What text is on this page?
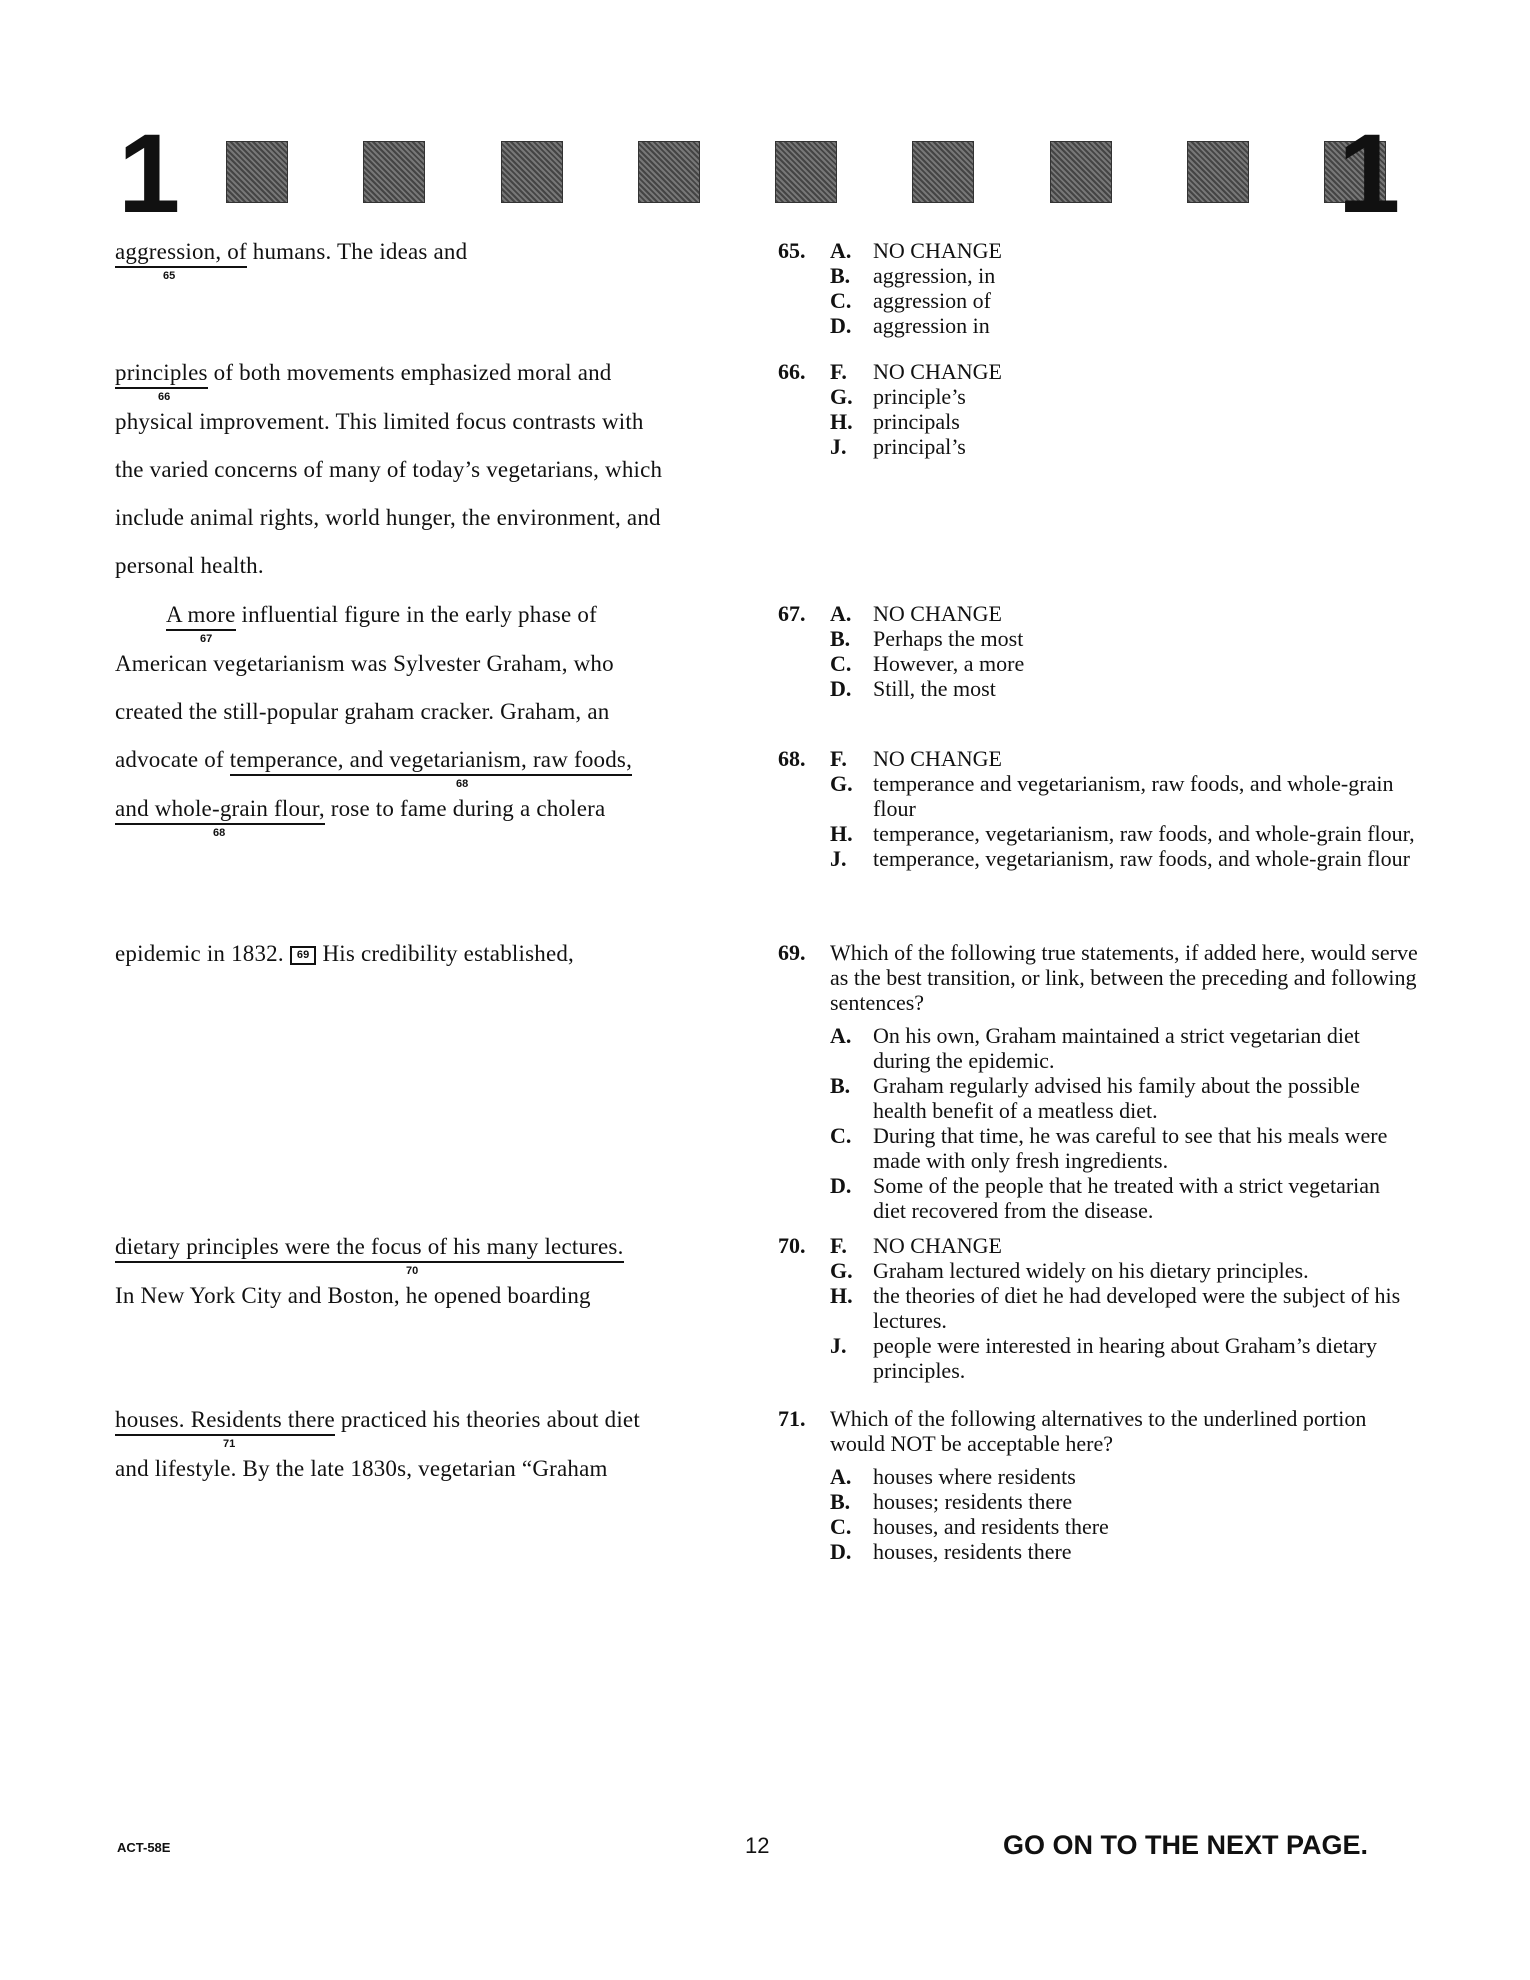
1	1
aggression, of humans. The ideas and
65
principles of both movements emphasized moral and
66
physical improvement. This limited focus contrasts with
the varied concerns of many of today’s vegetarians, which
include animal rights, world hunger, the environment, and
personal health.
A more influential figure in the early phase of
67
American vegetarianism was Sylvester Graham, who
created the still-popular graham cracker. Graham, an
advocate of temperance, and vegetarianism, raw foods,
68
and whole-grain flour, rose to fame during a cholera
68
epidemic in 1832. 69 His credibility established,
dietary principles were the focus of his many lectures.
70
In New York City and Boston, he opened boarding
houses. Residents there practiced his theories about diet
71
and lifestyle. By the late 1830s, vegetarian “Graham
65.	A. NO CHANGE
B.	aggression, in
C. aggression of
D. aggression in
66.	F.	NO CHANGE
G. principle’s
H. principals
J.	principal’s
67.	A. NO CHANGE
B.	Perhaps the most
C. However, a more
D. Still, the most
68.	F.	NO CHANGE
G. temperance and vegetarianism, raw foods, and whole-grain flour
H. temperance, vegetarianism, raw foods, and whole-grain flour,
J.	temperance, vegetarianism, raw foods, and whole-grain flour
69.	Which of the following true statements, if added here, would serve as the best transition, or link, between the preceding and following sentences?
A. On his own, Graham maintained a strict vegetarian diet during the epidemic.
B.	Graham regularly advised his family about the possible health benefit of a meatless diet.
C. During that time, he was careful to see that his meals were made with only fresh ingredients.
D. Some of the people that he treated with a strict vegetarian diet recovered from the disease.
70.	F.	NO CHANGE
G. Graham lectured widely on his dietary principles.
H. the theories of diet he had developed were the subject of his lectures.
J.	people were interested in hearing about Graham’s dietary principles.
71.	Which of the following alternatives to the underlined portion would NOT be acceptable here?
A. houses where residents
B.	houses; residents there
C. houses, and residents there
D. houses, residents there
ACT-58E	12	GO ON TO THE NEXT PAGE.
